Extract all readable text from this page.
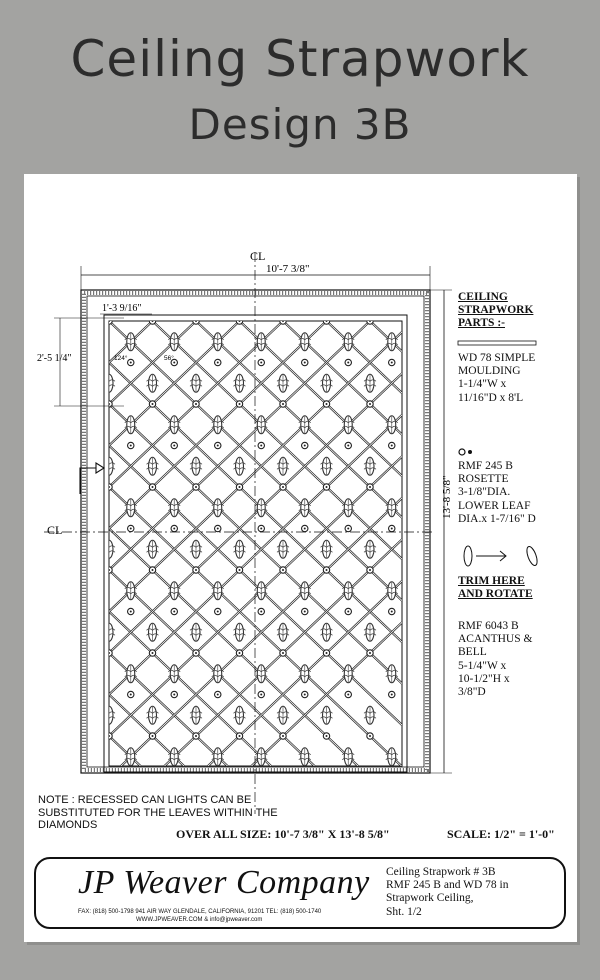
Ceiling Strapwork
Design 3B
CL
CL
10'-7 3/8"
13'-8 5/8"
1'-3 9/16"
2'-5 1/4"	124°	56°
CEILING
STRAPWORK
PARTS :-
WD 78 SIMPLE
MOULDING
1-1/4"W x
11/16"D x 8'L
RMF 245 B
ROSETTE
3-1/8"DIA.
LOWER LEAF
DIA.x 1-7/16" D
TRIM HERE
AND ROTATE
RMF 6043 B
ACANTHUS &
BELL
5-1/4"W x
10-1/2"H x
3/8"D
NOTE : RECESSED CAN LIGHTS CAN BE SUBSTITUTED FOR THE LEAVES WITHIN THE DIAMONDS
OVER ALL SIZE: 10'-7 3/8" X 13'-8 5/8"	SCALE: 1/2" = 1'-0"
JP Weaver Company
FAX: (818) 500-1798 941 AIR WAY GLENDALE, CALIFORNIA, 91201 TEL: (818) 500-1740
WWW.JPWEAVER.COM & info@jpweaver.com
Ceiling Strapwork # 3B
RMF 245 B and WD 78 in
Strapwork Ceiling,
Sht. 1/2
